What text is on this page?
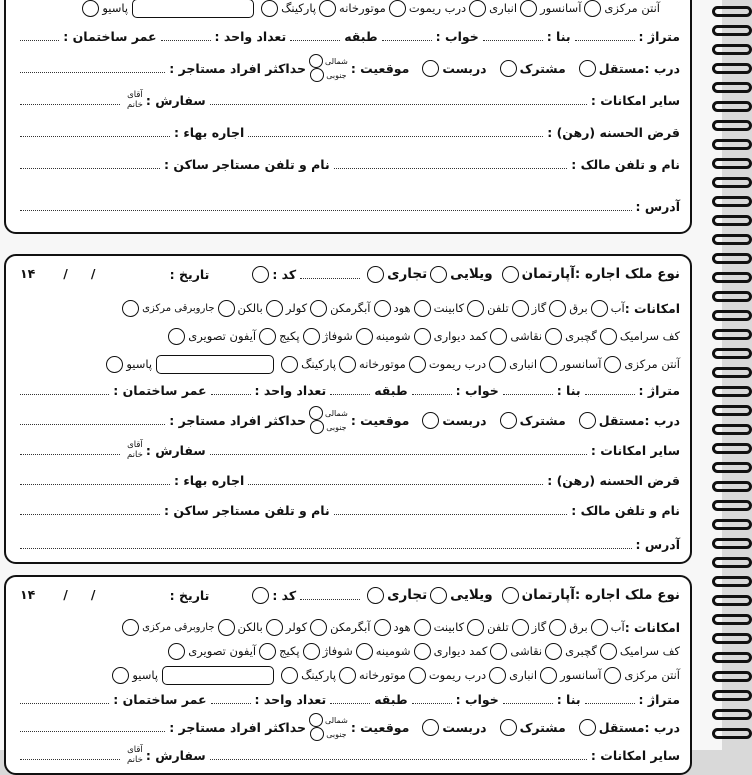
آنتن مرکزی
آسانسور
انباری
درب ریموت
موتورخانه
پارکینگ
پاسیو
متراژ :
بنا :
خواب :
طبقه
تعداد واحد :
عمر ساختمان :
درب :
مستقل
مشترک
دربست
موقعیت :
شمالی
جنوبی
حداکثر افراد مستاجر :
سایر امکانات :
سفارش :
آقای
خانم
قرض الحسنه (رهن) :
اجاره بهاء :
نام و تلفن مالک :
نام و تلفن مستاجر ساکن :
آدرس :
نوع ملک اجاره :
آپارتمان
ویلایی
تجاری
کد :
تاریخ :
۱۴ / /
امکانات :
آب
برق
گاز
تلفن
کابینت
هود
آبگرمکن
کولر
بالکن
جاروبرقی مرکزی
کف سرامیک
گچبری
نقاشی
کمد دیواری
شومینه
شوفاژ
پکیج
آیفون تصویری
آنتن مرکزی
آسانسور
انباری
درب ریموت
موتورخانه
پارکینگ
پاسیو
متراژ :
بنا :
خواب :
طبقه
تعداد واحد :
عمر ساختمان :
درب :
مستقل
مشترک
دربست
موقعیت :
شمالی
جنوبی
حداکثر افراد مستاجر :
سایر امکانات :
سفارش :
آقای
خانم
قرض الحسنه (رهن) :
اجاره بهاء :
نام و تلفن مالک :
نام و تلفن مستاجر ساکن :
آدرس :
نوع ملک اجاره :
آپارتمان
ویلایی
تجاری
کد :
تاریخ :
۱۴ / /
امکانات :
آب
برق
گاز
تلفن
کابینت
هود
آبگرمکن
کولر
بالکن
جاروبرقی مرکزی
کف سرامیک
گچبری
نقاشی
کمد دیواری
شومینه
شوفاژ
پکیج
آیفون تصویری
آنتن مرکزی
آسانسور
انباری
درب ریموت
موتورخانه
پارکینگ
پاسیو
متراژ :
بنا :
خواب :
طبقه
تعداد واحد :
عمر ساختمان :
درب :
مستقل
مشترک
دربست
موقعیت :
شمالی
جنوبی
حداکثر افراد مستاجر :
سایر امکانات :
سفارش :
آقای
خانم
